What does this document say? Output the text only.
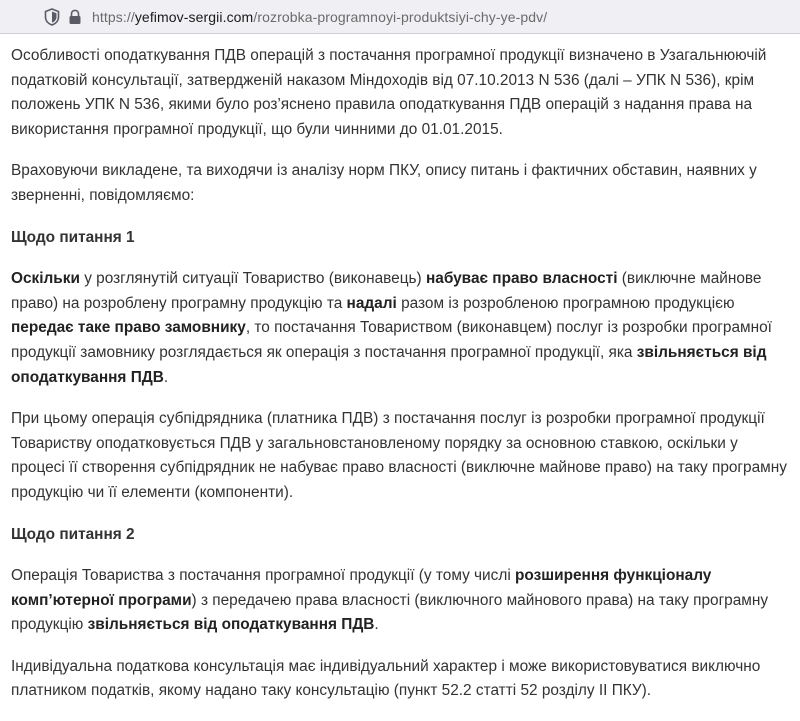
https://yefimov-sergii.com/rozrobka-programnoyi-produktsiyi-chy-ye-pdv/

Особливості оподаткування ПДВ операцій з постачання програмної продукції визначено в Узагальнюючій податковій консультації, затвердженій наказом Міндоходів від 07.10.2013 N 536 (далі – УПК N 536), крім положень УПК N 536, якими було роз’яснено правила оподаткування ПДВ операцій з надання права на використання програмної продукції, що були чинними до 01.01.2015.

Враховуючи викладене, та виходячи із аналізу норм ПКУ, опису питань і фактичних обставин, наявних у зверненні, повідомляємо:

Щодо питання 1

Оскільки у розглянутій ситуації Товариство (виконавець) набуває право власності (виключне майнове право) на розроблену програмну продукцію та надалі разом із розробленою програмною продукцією передає таке право замовнику, то постачання Товариством (виконавцем) послуг із розробки програмної продукції замовнику розглядається як операція з постачання програмної продукції, яка звільняється від оподаткування ПДВ.

При цьому операція субпідрядника (платника ПДВ) з постачання послуг із розробки програмної продукції Товариству оподатковується ПДВ у загальновстановленому порядку за основною ставкою, оскільки у процесі її створення субпідрядник не набуває право власності (виключне майнове право) на таку програмну продукцію чи її елементи (компоненти).

Щодо питання 2

Операція Товариства з постачання програмної продукції (у тому числі розширення функціоналу комп’ютерної програми) з передачею права власності (виключного майнового права) на таку програмну продукцію звільняється від оподаткування ПДВ.

Індивідуальна податкова консультація має індивідуальний характер і може використовуватися виключно платником податків, якому надано таку консультацію (пункт 52.2 статті 52 розділу ІІ ПКУ).
